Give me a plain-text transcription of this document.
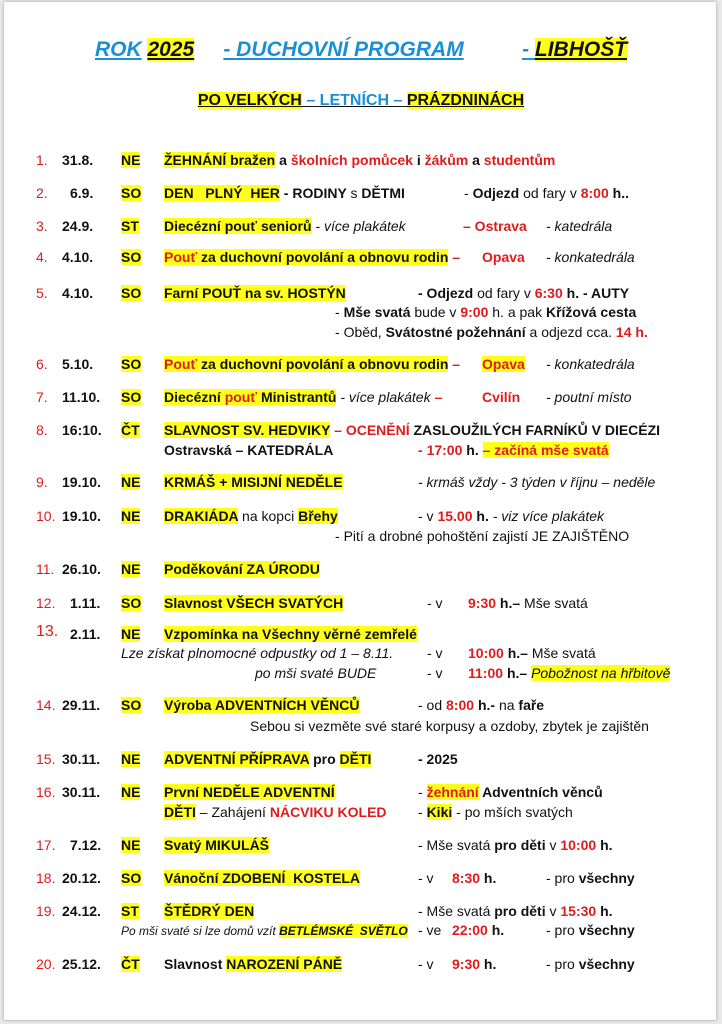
ROK 2025 - DUCHOVNÍ PROGRAM	- LIBHOŠŤ
PO VELKÝCH – LETNÍCH – PRÁZDNINÁCH
1. 31.8. NE ŽEHNÁNÍ bražen a školních pomůcek i žákům a studentům
2. 6.9. SO DEN   PLNÝ  HER - RODINY s DĚTMI	- Odjezd od fary v 8:00 h..
3. 24.9. ST Diecézní pouť seniorů - více plakátek	– Ostrava - katedrála
4. 4.10. SO Pouť za duchovní povolání a obnovu rodin – Opava - konkatedrála
5. 4.10. SO Farní POUŤ na sv. HOSTÝN	- Odjezd od fary v 6:30 h. - AUTY
- Mše svatá bude v 9:00 h. a pak Křížová cesta
- Oběd, Svátostné požehnání a odjezd cca. 14 h.
6. 5.10. SO Pouť za duchovní povolání a obnovu rodin – Opava - konkatedrála
7. 11.10. SO Diecézní pouť Ministrantů - více plakátek –	Cvilín - poutní místo
8. 16:10. ČT SLAVNOST SV. HEDVIKY – OCENĚNÍ ZASLOUŽILÝCH FARNÍKŮ V DIECÉZI
Ostravská – KATEDRÁLA	- 17:00 h. – začíná mše svatá
9. 19.10. NE KRMÁŠ + MISIJNÍ NEDĚLE	- krmáš vždy - 3 týden v říjnu – neděle
10. 19.10. NE DRAKIÁDA na kopci Břehy	- v 15.00 h. - viz více plakátek
- Pití a drobné pohoštění zajistí JE ZAJIŠTĚNO
11. 26.10. NE Poděkování ZA ÚRODU
12. 1.11. SO Slavnost VŠECH SVATÝCH	- v 9:30 h.– Mše svatá
13. 2.11. NE Vzpomínka na Všechny věrné zemřelé
Lze získat plnomocné odpustky od 1 – 8.11. - v 10:00 h.– Mše svatá
po mši svaté BUDE	- v 11:00 h.– Pobožnost na hřbitově
14. 29.11. SO Výroba ADVENTNÍCH VĚNCŮ	- od 8:00 h.- na faře
Sebou si vezměte své staré korpusy a ozdoby, zbytek je zajištěn
15. 30.11. NE ADVENTNÍ PŘÍPRAVA pro DĚTI	- 2025
16. 30.11. NE První NEDĚLE ADVENTNÍ	- žehnání Adventních věnců
DĚTI – Zahájení NÁCVIKU KOLED - Kiki - po mších svatých
17. 7.12. NE Svatý MIKULÁŠ	- Mše svatá pro děti v 10:00 h.
18. 20.12. SO Vánoční ZDOBENÍ  KOSTELA	- v 8:30 h.	- pro všechny
19. 24.12. ST ŠTĚDRÝ DEN	- Mše svatá pro děti v 15:30 h.
Po mši svaté si lze domů vzít BETLÉMSKÉ  SVĚTLO - ve 22:00 h.	- pro všechny
20. 25.12. ČT Slavnost NAROZENÍ PÁNĚ	- v 9:30 h.	- pro všechny
